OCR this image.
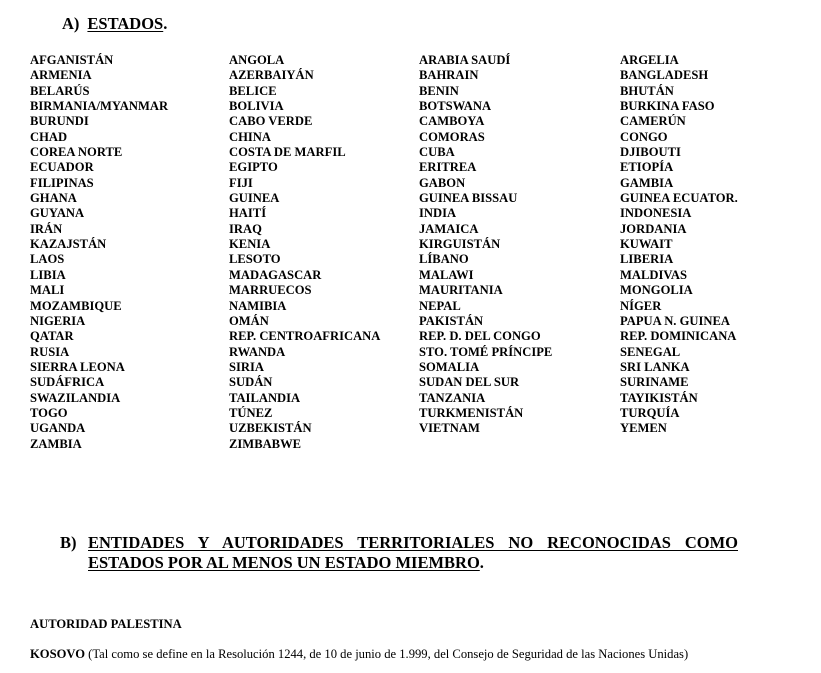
A) ESTADOS.
AFGANISTÁN
ARMENIA
BELARÚS
BIRMANIA/MYANMAR
BURUNDI
CHAD
COREA NORTE
ECUADOR
FILIPINAS
GHANA
GUYANA
IRÁN
KAZAJSTÁN
LAOS
LIBIA
MALI
MOZAMBIQUE
NIGERIA
QATAR
RUSIA
SIERRA LEONA
SUDÁFRICA
SWAZILANDIA
TOGO
UGANDA
ZAMBIA
ANGOLA
AZERBAIYÁN
BELICE
BOLIVIA
CABO VERDE
CHINA
COSTA DE MARFIL
EGIPTO
FIJI
GUINEA
HAITÍ
IRAQ
KENIA
LESOTO
MADAGASCAR
MARRUECOS
NAMIBIA
OMÁN
REP. CENTROAFRICANA
RWANDA
SIRIA
SUDÁN
TAILANDIA
TÚNEZ
UZBEKISTÁN
ZIMBABWE
ARABIA SAUDÍ
BAHRAIN
BENIN
BOTSWANA
CAMBOYA
COMORAS
CUBA
ERITREA
GABON
GUINEA BISSAU
INDIA
JAMAICA
KIRGUISTÁN
LÍBANO
MALAWI
MAURITANIA
NEPAL
PAKISTÁN
REP. D. DEL CONGO
STO. TOMÉ PRÍNCIPE
SOMALIA
SUDAN DEL SUR
TANZANIA
TURKMENISTÁN
VIETNAM
ARGELIA
BANGLADESH
BHUTÁN
BURKINA FASO
CAMERÚN
CONGO
DJIBOUTI
ETIOPÍA
GAMBIA
GUINEA ECUATOR.
INDONESIA
JORDANIA
KUWAIT
LIBERIA
MALDIVAS
MONGOLIA
NÍGER
PAPUA N. GUINEA
REP. DOMINICANA
SENEGAL
SRI LANKA
SURINAME
TAYIKISTÁN
TURQUÍA
YEMEN
B) ENTIDADES Y AUTORIDADES TERRITORIALES NO RECONOCIDAS COMO
ESTADOS POR AL MENOS UN ESTADO MIEMBRO.
AUTORIDAD PALESTINA
KOSOVO (Tal como se define en la Resolución 1244, de 10 de junio de 1.999, del Consejo de Seguridad de las Naciones Unidas)
